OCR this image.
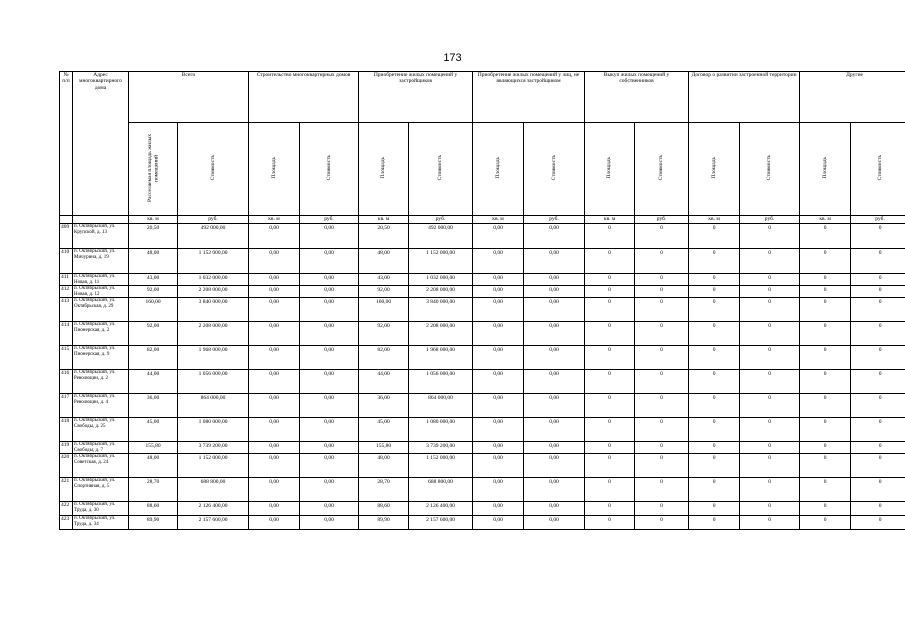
173
№ п/п	Адрес многоквартирного дома	Всего		Строительство многоквартирных домов		Приобретение жилых помещений у застройщиков		Приобретение жилых помещений у лиц, не являющихся застройщиком		Выкуп жилых помещений у собственников		Договор о развитии застроенной территории		Другие	
		Расселяемая площадь жилых помещений	Стоимость	Площадь	Стоимость	Площадь	Стоимость	Площадь	Стоимость	Площадь	Стоимость	Площадь	Стоимость	Площадь	Стоимость
		кв. м	руб.	кв. м	руб.	кв. м	руб.	кв. м	руб.	кв. м	руб.	кв. м	руб.	кв. м	руб.
409	п. Октябрьский, ул. Крупской, д. 13	20,50	492 000,00	0,00	0,00	20,50	492 000,00	0,00	0,00	0	0	0	0	0	0
410	п. Октябрьский, ул. Мичурина, д. 19	48,00	1 152 000,00	0,00	0,00	48,00	1 152 000,00	0,00	0,00	0	0	0	0	0	0
411	п. Октябрьский, ул. Новая, д. 11	43,00	1 032 000,00	0,00	0,00	43,00	1 032 000,00	0,00	0,00	0	0	0	0	0	0
412	п. Октябрьский, ул. Новая, д. 12	92,00	2 208 000,00	0,00	0,00	92,00	2 208 000,00	0,00	0,00	0	0	0	0	0	0
413	п. Октябрьский, ул. Октябрьская, д. 29	160,00	3 840 000,00	0,00	0,00	160,00	3 840 000,00	0,00	0,00	0	0	0	0	0	0
414	п. Октябрьский, ул. Пионерская, д. 2	92,00	2 208 000,00	0,00	0,00	92,00	2 208 000,00	0,00	0,00	0	0	0	0	0	0
415	п. Октябрьский, ул. Пионерская, д. 9	82,00	1 968 000,00	0,00	0,00	82,00	1 968 000,00	0,00	0,00	0	0	0	0	0	0
416	п. Октябрьский, ул. Революции, д. 2	44,00	1 056 000,00	0,00	0,00	44,00	1 056 000,00	0,00	0,00	0	0	0	0	0	0
417	п. Октябрьский, ул. Революции, д. 4	36,00	864 000,00	0,00	0,00	36,00	864 000,00	0,00	0,00	0	0	0	0	0	0
418	п. Октябрьский, ул. Свободы, д. 25	45,00	1 080 000,00	0,00	0,00	45,00	1 080 000,00	0,00	0,00	0	0	0	0	0	0
419	п. Октябрьский, ул. Свободы, д. 7	155,80	3 739 200,00	0,00	0,00	155,80	3 739 200,00	0,00	0,00	0	0	0	0	0	0
420	п. Октябрьский, ул. Советская, д. 24	48,00	1 152 000,00	0,00	0,00	48,00	1 152 000,00	0,00	0,00	0	0	0	0	0	0
421	п. Октябрьский, ул. Спортивная, д. 5	28,70	688 800,00	0,00	0,00	28,70	688 800,00	0,00	0,00	0	0	0	0	0	0
422	п. Октябрьский, ул. Труда, д. 30	88,60	2 126 400,00	0,00	0,00	88,60	2 126 400,00	0,00	0,00	0	0	0	0	0	0
423	п. Октябрьский, ул. Труда, д. 34	89,90	2 157 600,00	0,00	0,00	89,90	2 157 600,00	0,00	0,00	0	0	0	0	0	0
